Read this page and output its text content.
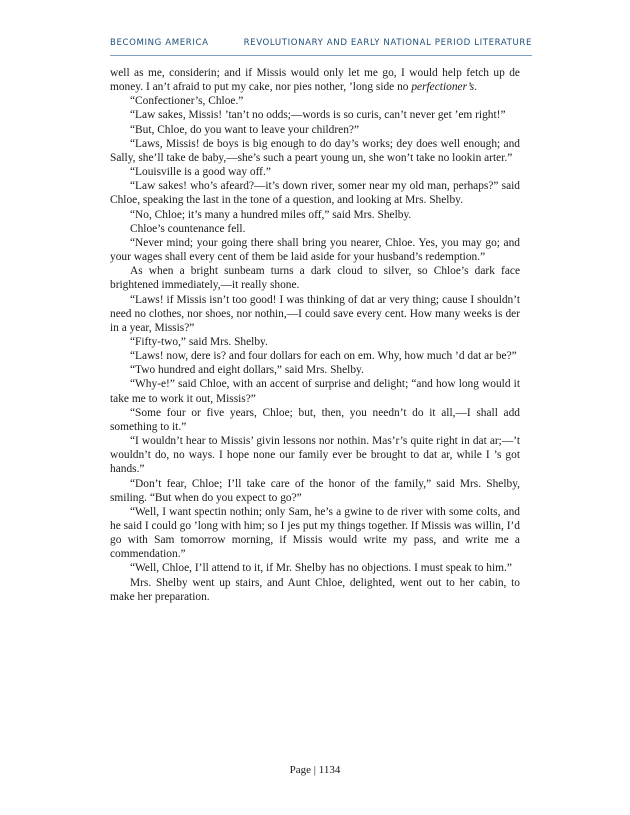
BECOMING AMERICA	REVOLUTIONARY AND EARLY NATIONAL PERIOD LITERATURE

well as me, considerin; and if Missis would only let me go, I would help fetch up de money. I an’t afraid to put my cake, nor pies nother, ’long side no perfectioner’s.

“Confectioner’s, Chloe.”

“Law sakes, Missis! ’tan’t no odds;—words is so curis, can’t never get ’em right!”

“But, Chloe, do you want to leave your children?”

“Laws, Missis! de boys is big enough to do day’s works; dey does well enough; and Sally, she’ll take de baby,—she’s such a peart young un, she won’t take no lookin arter.”

“Louisville is a good way off.”

“Law sakes! who’s afeard?—it’s down river, somer near my old man, perhaps?” said Chloe, speaking the last in the tone of a question, and looking at Mrs. Shelby.

“No, Chloe; it’s many a hundred miles off,” said Mrs. Shelby.

Chloe’s countenance fell.

“Never mind; your going there shall bring you nearer, Chloe. Yes, you may go; and your wages shall every cent of them be laid aside for your husband’s redemption.”

As when a bright sunbeam turns a dark cloud to silver, so Chloe’s dark face brightened immediately,—it really shone.

“Laws! if Missis isn’t too good! I was thinking of dat ar very thing; cause I shouldn’t need no clothes, nor shoes, nor nothin,—I could save every cent. How many weeks is der in a year, Missis?”

“Fifty-two,” said Mrs. Shelby.

“Laws! now, dere is? and four dollars for each on em. Why, how much ’d dat ar be?”

“Two hundred and eight dollars,” said Mrs. Shelby.

“Why-e!” said Chloe, with an accent of surprise and delight; “and how long would it take me to work it out, Missis?”

“Some four or five years, Chloe; but, then, you needn’t do it all,—I shall add something to it.”

“I wouldn’t hear to Missis’ givin lessons nor nothin. Mas’r’s quite right in dat ar;—’t wouldn’t do, no ways. I hope none our family ever be brought to dat ar, while I ’s got hands.”

“Don’t fear, Chloe; I’ll take care of the honor of the family,” said Mrs. Shelby, smiling. “But when do you expect to go?”

“Well, I want spectin nothin; only Sam, he’s a gwine to de river with some colts, and he said I could go ’long with him; so I jes put my things together. If Missis was willin, I’d go with Sam tomorrow morning, if Missis would write my pass, and write me a commendation.”

“Well, Chloe, I’ll attend to it, if Mr. Shelby has no objections. I must speak to him.”

Mrs. Shelby went up stairs, and Aunt Chloe, delighted, went out to her cabin, to make her preparation.

Page | 1134
